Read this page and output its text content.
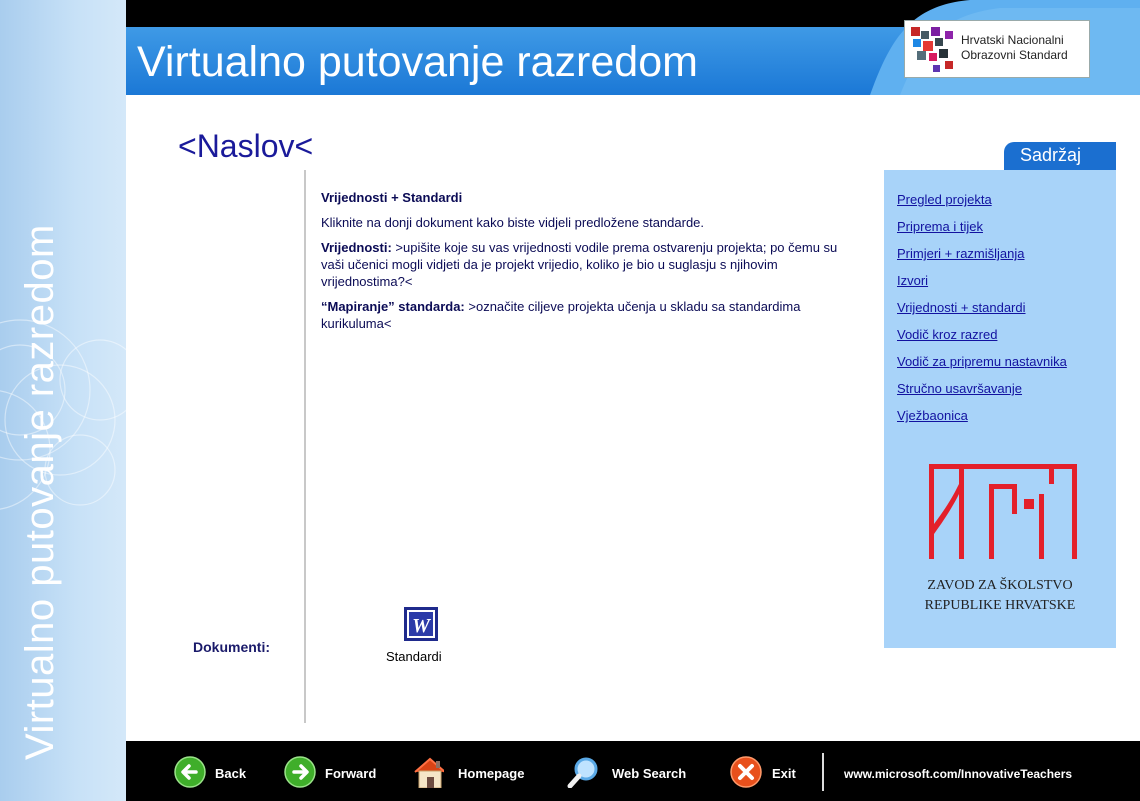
Virtualno putovanje razredom
Virtualno putovanje razredom	Hrvatski Nacionalni
Obrazovni Standard
<Naslov<

Vrijednosti + Standardi

Kliknite na donji dokument kako biste vidjeli predložene standarde.

Vrijednosti: >upišite koje su vas vrijednosti vodile prema ostvarenju projekta; po čemu su vaši učenici mogli vidjeti da je projekt vrijedio, koliko je bio u suglasju s njihovim vrijednostima?<

“Mapiranje” standarda: >označite ciljeve projekta učenja u skladu sa standardima kurikuluma<

Dokumenti:
W
Standardi
Sadržaj
Pregled projekta
Priprema i tijek
Primjeri + razmišljanja
Izvori
Vrijednosti + standardi
Vodič kroz razred
Vodič za pripremu nastavnika
Stručno usavršavanje
Vježbaonica
ZAVOD ZA ŠKOLSTVO
REPUBLIKE HRVATSKE
Back	Forward	Homepage	Web Search	Exit	www.microsoft.com/InnovativeTeachers
